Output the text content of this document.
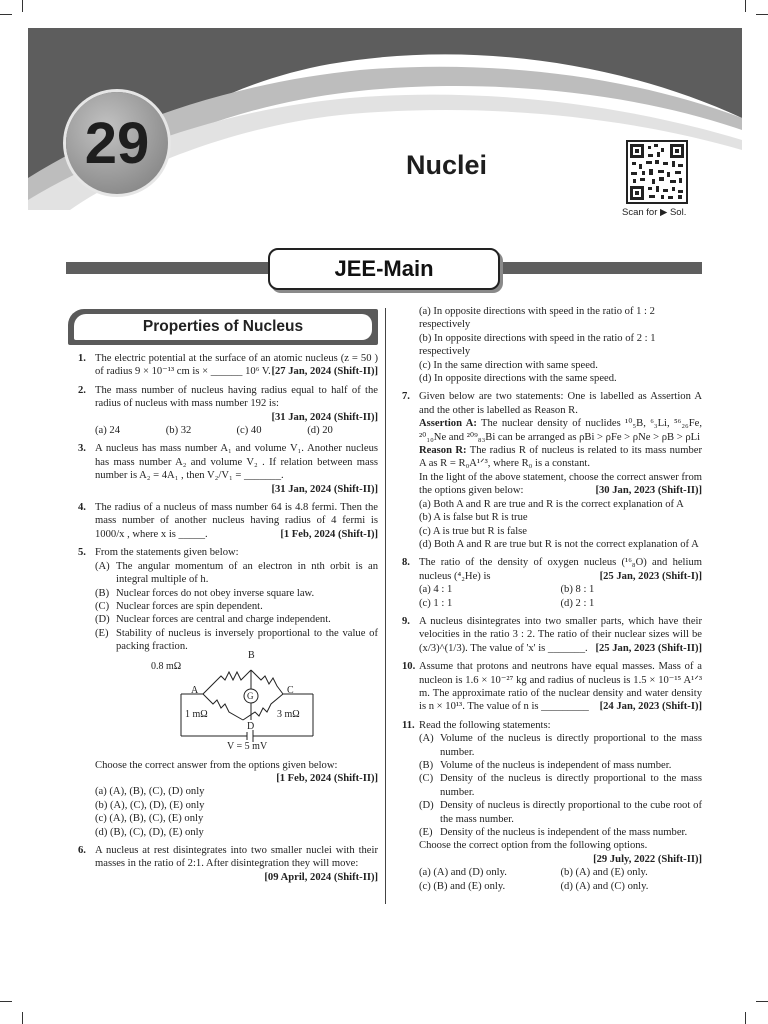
29	Nuclei
Scan for ▶ Sol.
JEE-Main
Properties of Nucleus
1. The electric potential at the surface of an atomic nucleus (z = 50 ) of radius 9 × 10⁻¹³ cm is × ______ 10⁶ V. [27 Jan, 2024 (Shift-II)]
2. The mass number of nucleus having radius equal to half of the radius of nucleus with mass number 192 is:
[31 Jan, 2024 (Shift-II)]
(a) 24	(b) 32	(c) 40	(d) 20
3. A nucleus has mass number A₁ and volume V₁. Another nucleus has mass number A₂ and volume V₂ . If relation between mass number is A₂ = 4A₁ , then V₂/V₁ = _______.
[31 Jan, 2024 (Shift-II)]
4. The radius of a nucleus of mass number 64 is 4.8 fermi. Then the mass number of another nucleus having radius of 4 fermi is 1000/x , where x is _____.	[1 Feb, 2024 (Shift-I)]
5. From the statements given below:
(A) The angular momentum of an electron in nth orbit is an integral multiple of h.
(B) Nuclear forces do not obey inverse square law.
(C) Nuclear forces are spin dependent.
(D) Nuclear forces are central and charge independent.
(E) Stability of nucleus is inversely proportional to the value of packing fraction.
0.8 mΩ
B
A	C
G
D
1 mΩ	3 mΩ
V = 5 mV
Choose the correct answer from the options given below:
[1 Feb, 2024 (Shift-II)]
(a) (A), (B), (C), (D) only
(b) (A), (C), (D), (E) only
(c) (A), (B), (C), (E) only
(d) (B), (C), (D), (E) only
6. A nucleus at rest disintegrates into two smaller nuclei with their masses in the ratio of 2:1. After disintegration they will move:
[09 April, 2024 (Shift-II)]
(a) In opposite directions with speed in the ratio of 1 : 2 respectively
(b) In opposite directions with speed in the ratio of 2 : 1 respectively
(c) In the same direction with same speed.
(d) In opposite directions with the same speed.
7. Given below are two statements: One is labelled as Assertion A and the other is labelled as Reason R.
Assertion A: The nuclear density of nuclides ¹⁰₅B, ⁶₃Li, ⁵⁶₂₆Fe, ²⁰₁₀Ne and ²⁰⁹₈₃Bi can be arranged as ρBi > ρFe > ρNe > ρB > ρLi
Reason R: The radius R of nucleus is related to its mass number A as R = R₀A¹ᐟ³, where R₀ is a constant.
In the light of the above statement, choose the correct answer from the options given below:	[30 Jan, 2023 (Shift-II)]
(a) Both A and R are true and R is the correct explanation of A
(b) A is false but R is true
(c) A is true but R is false
(d) Both A and R are true but R is not the correct explanation of A
8. The ratio of the density of oxygen nucleus (¹⁶₈O) and helium nucleus (⁴₂He) is	[25 Jan, 2023 (Shift-I)]
(a) 4 : 1	(b) 8 : 1
(c) 1 : 1	(d) 2 : 1
9. A nucleus disintegrates into two smaller parts, which have their velocities in the ratio 3 : 2. The ratio of their nuclear sizes will be (x/3)^(1/3). The value of 'x' is _______. [25 Jan, 2023 (Shift-II)]
10. Assume that protons and neutrons have equal masses. Mass of a nucleon is 1.6 × 10⁻²⁷ kg and radius of nucleus is 1.5 × 10⁻¹⁵ A¹ᐟ³ m. The approximate ratio of the nuclear density and water density is n × 10¹³. The value of n is _________ [24 Jan, 2023 (Shift-I)]
11. Read the following statements:
(A) Volume of the nucleus is directly proportional to the mass number.
(B) Volume of the nucleus is independent of mass number.
(C) Density of the nucleus is directly proportional to the mass number.
(D) Density of nucleus is directly proportional to the cube root of the mass number.
(E) Density of the nucleus is independent of the mass number.
Choose the correct option from the following options.
[29 July, 2022 (Shift-II)]
(a) (A) and (D) only.	(b) (A) and (E) only.
(c) (B) and (E) only.	(d) (A) and (C) only.
